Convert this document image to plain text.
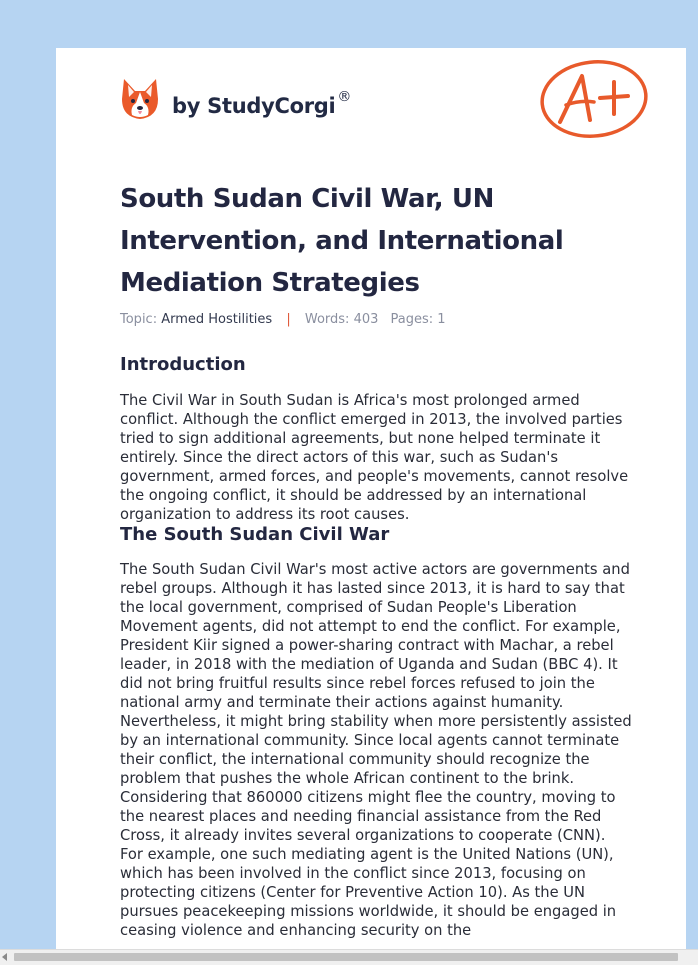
by StudyCorgi ®
South Sudan Civil War, UN Intervention, and International Mediation Strategies
Topic: Armed Hostilities | Words: 403 Pages: 1
Introduction

The Civil War in South Sudan is Africa's most prolonged armed conflict. Although the conflict emerged in 2013, the involved parties tried to sign additional agreements, but none helped terminate it entirely. Since the direct actors of this war, such as Sudan's government, armed forces, and people's movements, cannot resolve the ongoing conflict, it should be addressed by an international organization to address its root causes.

The South Sudan Civil War

The South Sudan Civil War's most active actors are governments and rebel groups. Although it has lasted since 2013, it is hard to say that the local government, comprised of Sudan People's Liberation Movement agents, did not attempt to end the conflict. For example, President Kiir signed a power-sharing contract with Machar, a rebel leader, in 2018 with the mediation of Uganda and Sudan (BBC 4). It did not bring fruitful results since rebel forces refused to join the national army and terminate their actions against humanity. Nevertheless, it might bring stability when more persistently assisted by an international community. Since local agents cannot terminate their conflict, the international community should recognize the problem that pushes the whole African continent to the brink. Considering that 860000 citizens might flee the country, moving to the nearest places and needing financial assistance from the Red Cross, it already invites several organizations to cooperate (CNN). For example, one such mediating agent is the United Nations (UN), which has been involved in the conflict since 2013, focusing on protecting citizens (Center for Preventive Action 10). As the UN pursues peacekeeping missions worldwide, it should be engaged in ceasing violence and enhancing security on the
